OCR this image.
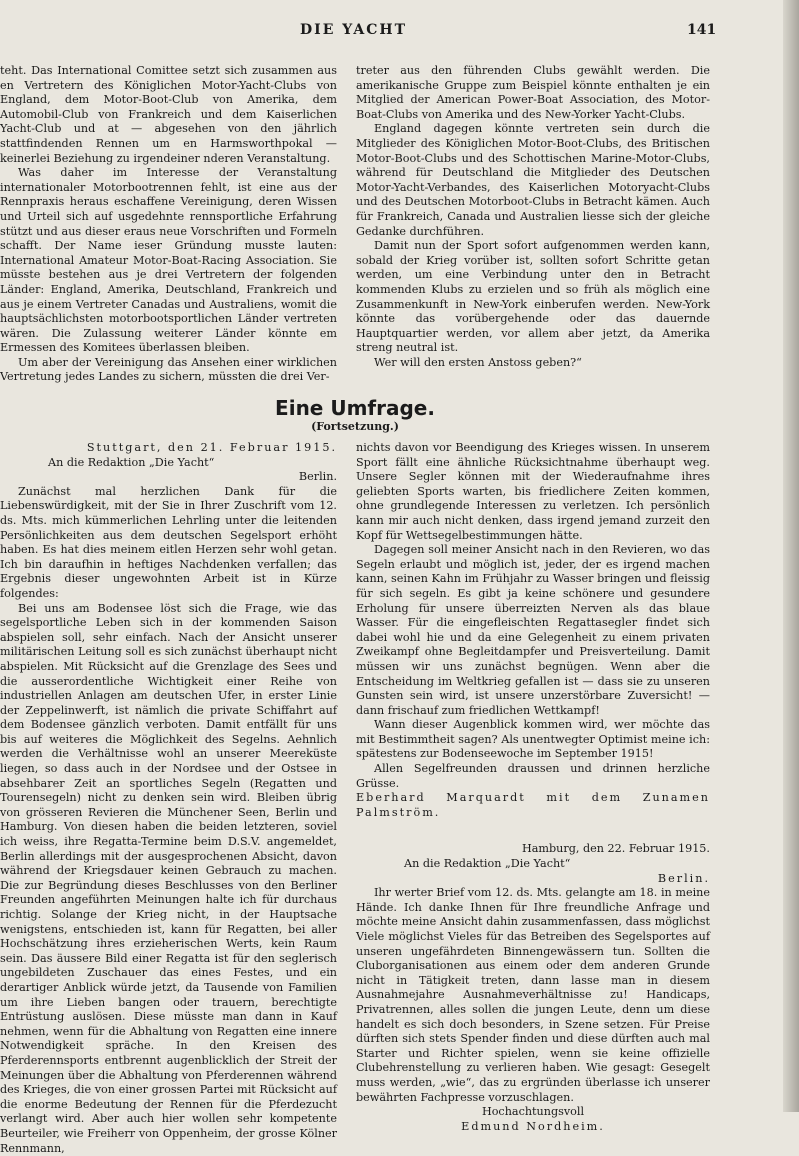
DIE YACHT	141

teht. Das International Comittee setzt sich zusammen aus en Vertretern des Königlichen Motor-Yacht-Clubs von England, dem Motor-Boot-Club von Amerika, dem Automobil-Club von Frankreich und dem Kaiserlichen Yacht-Club und at — abgesehen von den jährlich stattfindenden Rennen um en Harmsworthpokal — keinerlei Beziehung zu irgendeiner nderen Veranstaltung.

Was daher im Interesse der Veranstaltung internationaler Motorbootrennen fehlt, ist eine aus der Rennpraxis heraus eschaffene Vereinigung, deren Wissen und Urteil sich auf usgedehnte rennsportliche Erfahrung stützt und aus dieser eraus neue Vorschriften und Formeln schafft. Der Name ieser Gründung musste lauten: International Amateur Motor-Boat-Racing Association. Sie müsste bestehen aus je drei Vertretern der folgenden Länder: England, Amerika, Deutschland, Frankreich und aus je einem Vertreter Canadas und Australiens, womit die hauptsächlichsten motorbootsportlichen Länder vertreten wären. Die Zulassung weiterer Länder könnte em Ermessen des Komitees überlassen bleiben.

Um aber der Vereinigung das Ansehen einer wirklichen Vertretung jedes Landes zu sichern, müssten die drei Ver-

treter aus den führenden Clubs gewählt werden. Die amerikanische Gruppe zum Beispiel könnte enthalten je ein Mitglied der American Power-Boat Association, des Motor-Boat-Clubs von Amerika und des New-Yorker Yacht-Clubs.

England dagegen könnte vertreten sein durch die Mitglieder des Königlichen Motor-Boot-Clubs, des Britischen Motor-Boot-Clubs und des Schottischen Marine-Motor-Clubs, während für Deutschland die Mitglieder des Deutschen Motor-Yacht-Verbandes, des Kaiserlichen Motoryacht-Clubs und des Deutschen Motorboot-Clubs in Betracht kämen. Auch für Frankreich, Canada und Australien liesse sich der gleiche Gedanke durchführen.

Damit nun der Sport sofort aufgenommen werden kann, sobald der Krieg vorüber ist, sollten sofort Schritte getan werden, um eine Verbindung unter den in Betracht kommenden Klubs zu erzielen und so früh als möglich eine Zusammenkunft in New-York einberufen werden. New-York könnte das vorübergehende oder das dauernde Hauptquartier werden, vor allem aber jetzt, da Amerika streng neutral ist.

Wer will den ersten Anstoss geben?“

Eine Umfrage.
(Fortsetzung.)

Stuttgart, den 21. Februar 1915.

An die Redaktion „Die Yacht“

Berlin.

Zunächst mal herzlichen Dank für die Liebenswürdigkeit, mit der Sie in Ihrer Zuschrift vom 12. ds. Mts. mich kümmerlichen Lehrling unter die leitenden Persönlichkeiten aus dem deutschen Segelsport erhöht haben. Es hat dies meinem eitlen Herzen sehr wohl getan. Ich bin daraufhin in heftiges Nachdenken verfallen; das Ergebnis dieser ungewohnten Arbeit ist in Kürze folgendes:

Bei uns am Bodensee löst sich die Frage, wie das segelsportliche Leben sich in der kommenden Saison abspielen soll, sehr einfach. Nach der Ansicht unserer militärischen Leitung soll es sich zunächst überhaupt nicht abspielen. Mit Rücksicht auf die Grenzlage des Sees und die ausserordentliche Wichtigkeit einer Reihe von industriellen Anlagen am deutschen Ufer, in erster Linie der Zeppelinwerft, ist nämlich die private Schiffahrt auf dem Bodensee gänzlich verboten. Damit entfällt für uns bis auf weiteres die Möglichkeit des Segelns. Aehnlich werden die Verhältnisse wohl an unserer Meereküste liegen, so dass auch in der Nordsee und der Ostsee in absehbarer Zeit an sportliches Segeln (Regatten und Tourensegeln) nicht zu denken sein wird. Bleiben übrig von grösseren Revieren die Münchener Seen, Berlin und Hamburg. Von diesen haben die beiden letzteren, soviel ich weiss, ihre Regatta-Termine beim D.S.V. angemeldet, Berlin allerdings mit der ausgesprochenen Absicht, davon während der Kriegsdauer keinen Gebrauch zu machen. Die zur Begründung dieses Beschlusses von den Berliner Freunden angeführten Meinungen halte ich für durchaus richtig. Solange der Krieg nicht, in der Hauptsache wenigstens, entschieden ist, kann für Regatten, bei aller Hochschätzung ihres erzieherischen Werts, kein Raum sein. Das äussere Bild einer Regatta ist für den seglerisch ungebildeten Zuschauer das eines Festes, und ein derartiger Anblick würde jetzt, da Tausende von Familien um ihre Lieben bangen oder trauern, berechtigte Entrüstung auslösen. Diese müsste man dann in Kauf nehmen, wenn für die Abhaltung von Regatten eine innere Notwendigkeit spräche. In den Kreisen des Pferderennsports entbrennt augenblicklich der Streit der Meinungen über die Abhaltung von Pferderennen während des Krieges, die von einer grossen Partei mit Rücksicht auf die enorme Bedeutung der Rennen für die Pferdezucht verlangt wird. Aber auch hier wollen sehr kompetente Beurteiler, wie Freiherr von Oppenheim, der grosse Kölner Rennmann,

nichts davon vor Beendigung des Krieges wissen. In unserem Sport fällt eine ähnliche Rücksichtnahme überhaupt weg. Unsere Segler können mit der Wiederaufnahme ihres geliebten Sports warten, bis friedlichere Zeiten kommen, ohne grundlegende Interessen zu verletzen. Ich persönlich kann mir auch nicht denken, dass irgend jemand zurzeit den Kopf für Wettsegelbestimmungen hätte.

Dagegen soll meiner Ansicht nach in den Revieren, wo das Segeln erlaubt und möglich ist, jeder, der es irgend machen kann, seinen Kahn im Frühjahr zu Wasser bringen und fleissig für sich segeln. Es gibt ja keine schönere und gesundere Erholung für unsere überreizten Nerven als das blaue Wasser. Für die eingefleischten Regattasegler findet sich dabei wohl hie und da eine Gelegenheit zu einem privaten Zweikampf ohne Begleitdampfer und Preisverteilung. Damit müssen wir uns zunächst begnügen. Wenn aber die Entscheidung im Weltkrieg gefallen ist — dass sie zu unseren Gunsten sein wird, ist unsere unzerstörbare Zuversicht! — dann frischauf zum friedlichen Wettkampf!

Wann dieser Augenblick kommen wird, wer möchte das mit Bestimmtheit sagen? Als unentwegter Optimist meine ich: spätestens zur Bodenseewoche im September 1915!

Allen Segelfreunden draussen und drinnen herzliche Grüsse.

Eberhard Marquardt mit dem Zunamen Palmström.

Hamburg, den 22. Februar 1915.

An die Redaktion „Die Yacht“

Berlin.

Ihr werter Brief vom 12. ds. Mts. gelangte am 18. in meine Hände. Ich danke Ihnen für Ihre freundliche Anfrage und möchte meine Ansicht dahin zusammenfassen, dass möglichst Viele möglichst Vieles für das Betreiben des Segelsportes auf unseren ungefährdeten Binnengewässern tun. Sollten die Cluborganisationen aus einem oder dem anderen Grunde nicht in Tätigkeit treten, dann lasse man in diesem Ausnahmejahre Ausnahmeverhältnisse zu! Handicaps, Privatrennen, alles sollen die jungen Leute, denn um diese handelt es sich doch besonders, in Szene setzen. Für Preise dürften sich stets Spender finden und diese dürften auch mal Starter und Richter spielen, wenn sie keine offizielle Clubehrenstellung zu verlieren haben. Wie gesagt: Gesegelt muss werden, „wie“, das zu ergründen überlasse ich unserer bewährten Fachpresse vorzuschlagen.

Hochachtungsvoll

Edmund Nordheim.
